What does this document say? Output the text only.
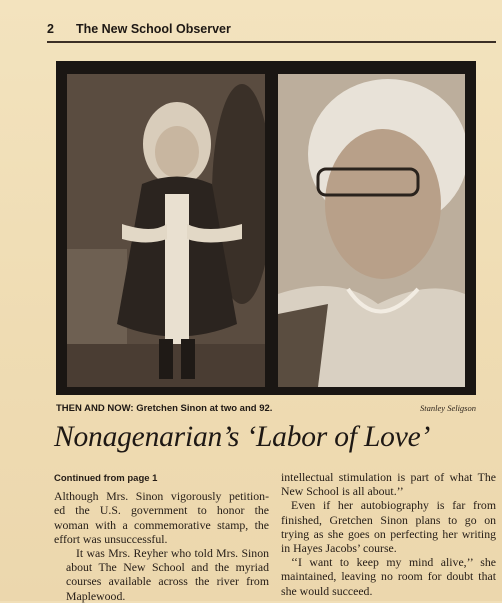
2 The New School Observer
THEN AND NOW: Gretchen Sinon at two and 92.	Stanley Seligson
Nonagenarian’s ‘Labor of Love’
Continued from page 1

Although Mrs. Sinon vigorously petition-
ed the U.S. government to honor the
woman with a commemorative stamp, the
effort was unsuccessful.

It was Mrs. Reyher who told Mrs. Sinon
about The New School and the myriad
courses available across the river from
Maplewood.

intellectual stimulation is part of what The
New School is all about.’’

Even if her autobiography is far from
finished, Gretchen Sinon plans to go on
trying as she goes on perfecting her writing
in Hayes Jacobs’ course.

‘‘I want to keep my mind alive,’’ she
maintained, leaving no room for doubt that
she would succeed.
